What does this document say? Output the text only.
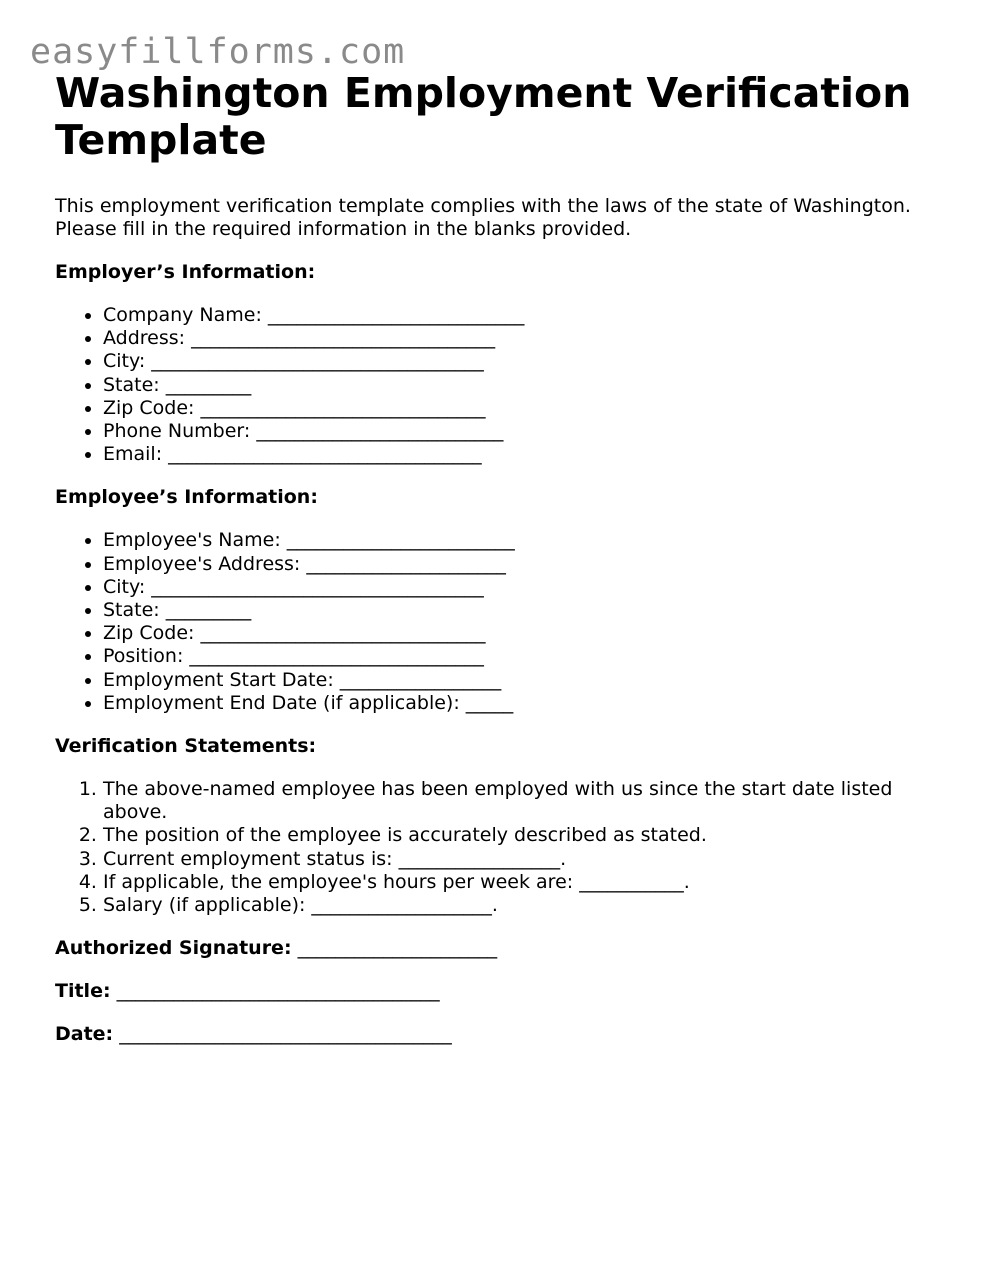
easyfillforms.com
Washington Employment Verification Template

This employment verification template complies with the laws of the state of Washington. Please fill in the required information in the blanks provided.

Employer’s Information:
• Company Name: ___________________________
• Address: ________________________________
• City: ___________________________________
• State: _________
• Zip Code: ______________________________
• Phone Number: __________________________
• Email: _________________________________
Employee’s Information:
• Employee's Name: ________________________
• Employee's Address: _____________________
• City: ___________________________________
• State: _________
• Zip Code: ______________________________
• Position: _______________________________
• Employment Start Date: _________________
• Employment End Date (if applicable): _____
Verification Statements:
1. The above-named employee has been employed with us since the start date listed above.
2. The position of the employee is accurately described as stated.
3. Current employment status is: _________________.
4. If applicable, the employee's hours per week are: ___________.
5. Salary (if applicable): ___________________.
Authorized Signature: _____________________
Title: __________________________________
Date: ___________________________________
